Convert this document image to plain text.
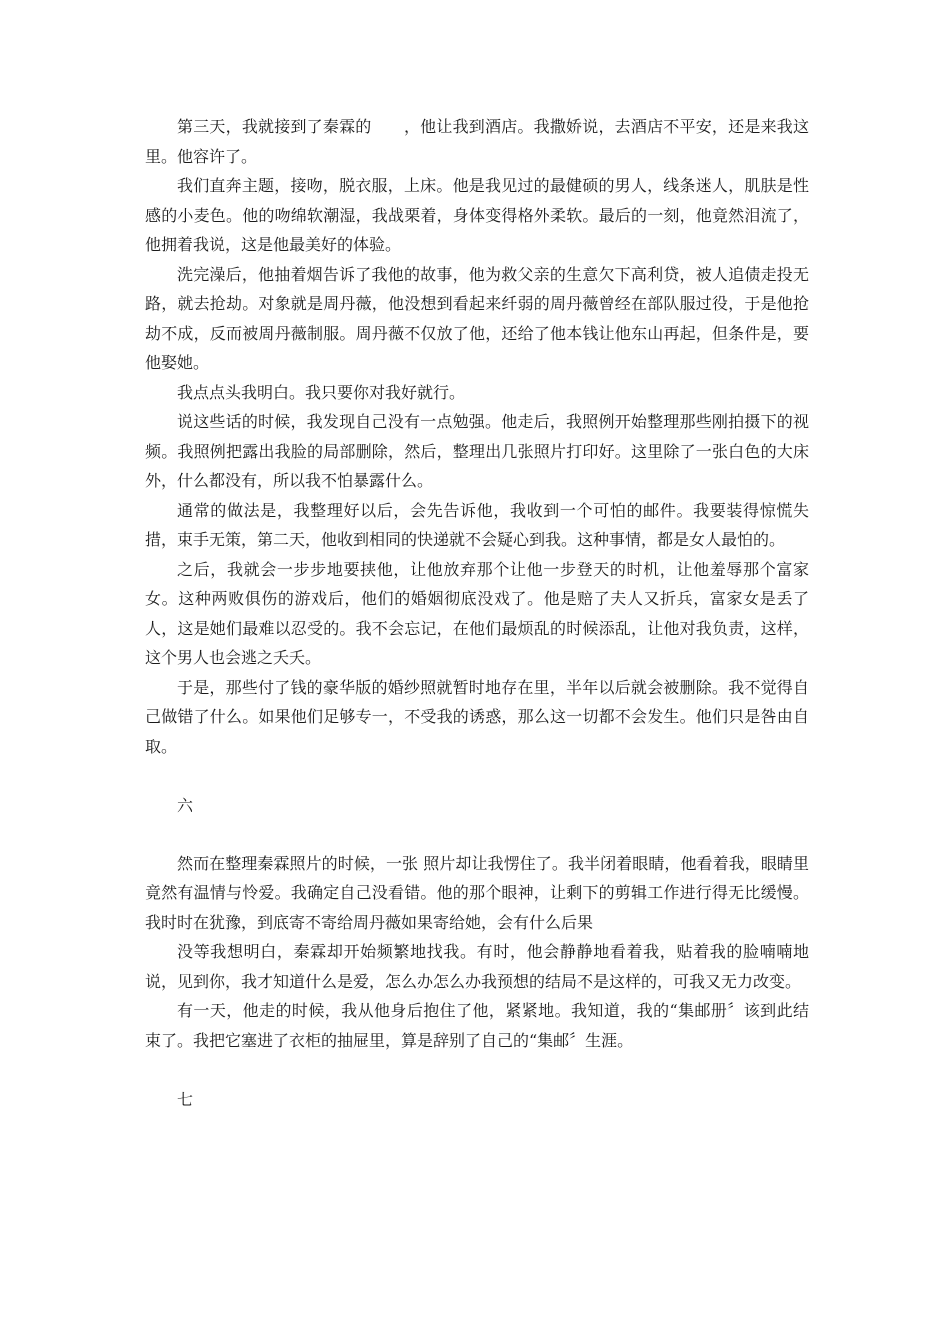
第三天，我就接到了秦霖的　　，他让我到酒店。我撒娇说，去酒店不平安，还是来我这里。他容许了。

我们直奔主题，接吻，脱衣服，上床。他是我见过的最健硕的男人，线条迷人，肌肤是性感的小麦色。他的吻绵软潮湿，我战栗着，身体变得格外柔软。最后的一刻，他竟然泪流了，他拥着我说，这是他最美好的体验。

洗完澡后，他抽着烟告诉了我他的故事，他为救父亲的生意欠下高利贷，被人追债走投无路，就去抢劫。对象就是周丹薇，他没想到看起来纤弱的周丹薇曾经在部队服过役，于是他抢劫不成，反而被周丹薇制服。周丹薇不仅放了他，还给了他本钱让他东山再起，但条件是，要他娶她。

我点点头我明白。我只要你对我好就行。

说这些话的时候，我发现自己没有一点勉强。他走后，我照例开始整理那些刚拍摄下的视频。我照例把露出我脸的局部删除，然后，整理出几张照片打印好。这里除了一张白色的大床外，什么都没有，所以我不怕暴露什么。

通常的做法是，我整理好以后，会先告诉他，我收到一个可怕的邮件。我要装得惊慌失措，束手无策，第二天，他收到相同的快递就不会疑心到我。这种事情，都是女人最怕的。

之后，我就会一步步地要挟他，让他放弃那个让他一步登天的时机，让他羞辱那个富家女。这种两败俱伤的游戏后，他们的婚姻彻底没戏了。他是赔了夫人又折兵，富家女是丢了人，这是她们最难以忍受的。我不会忘记，在他们最烦乱的时候添乱，让他对我负责，这样，这个男人也会逃之夭夭。

于是，那些付了钱的豪华版的婚纱照就暂时地存在里，半年以后就会被删除。我不觉得自己做错了什么。如果他们足够专一，不受我的诱惑，那么这一切都不会发生。他们只是咎由自取。

六

然而在整理秦霖照片的时候，一张 照片却让我愣住了。我半闭着眼睛，他看着我，眼睛里竟然有温情与怜爱。我确定自己没看错。他的那个眼神，让剩下的剪辑工作进行得无比缓慢。我时时在犹豫，到底寄不寄给周丹薇如果寄给她，会有什么后果

没等我想明白，秦霖却开始频繁地找我。有时，他会静静地看着我，贴着我的脸喃喃地说，见到你，我才知道什么是爱，怎么办怎么办我预想的结局不是这样的，可我又无力改变。

有一天，他走的时候，我从他身后抱住了他，紧紧地。我知道，我的“集邮册〞该到此结束了。我把它塞进了衣柜的抽屉里，算是辞别了自己的“集邮〞生涯。

七
